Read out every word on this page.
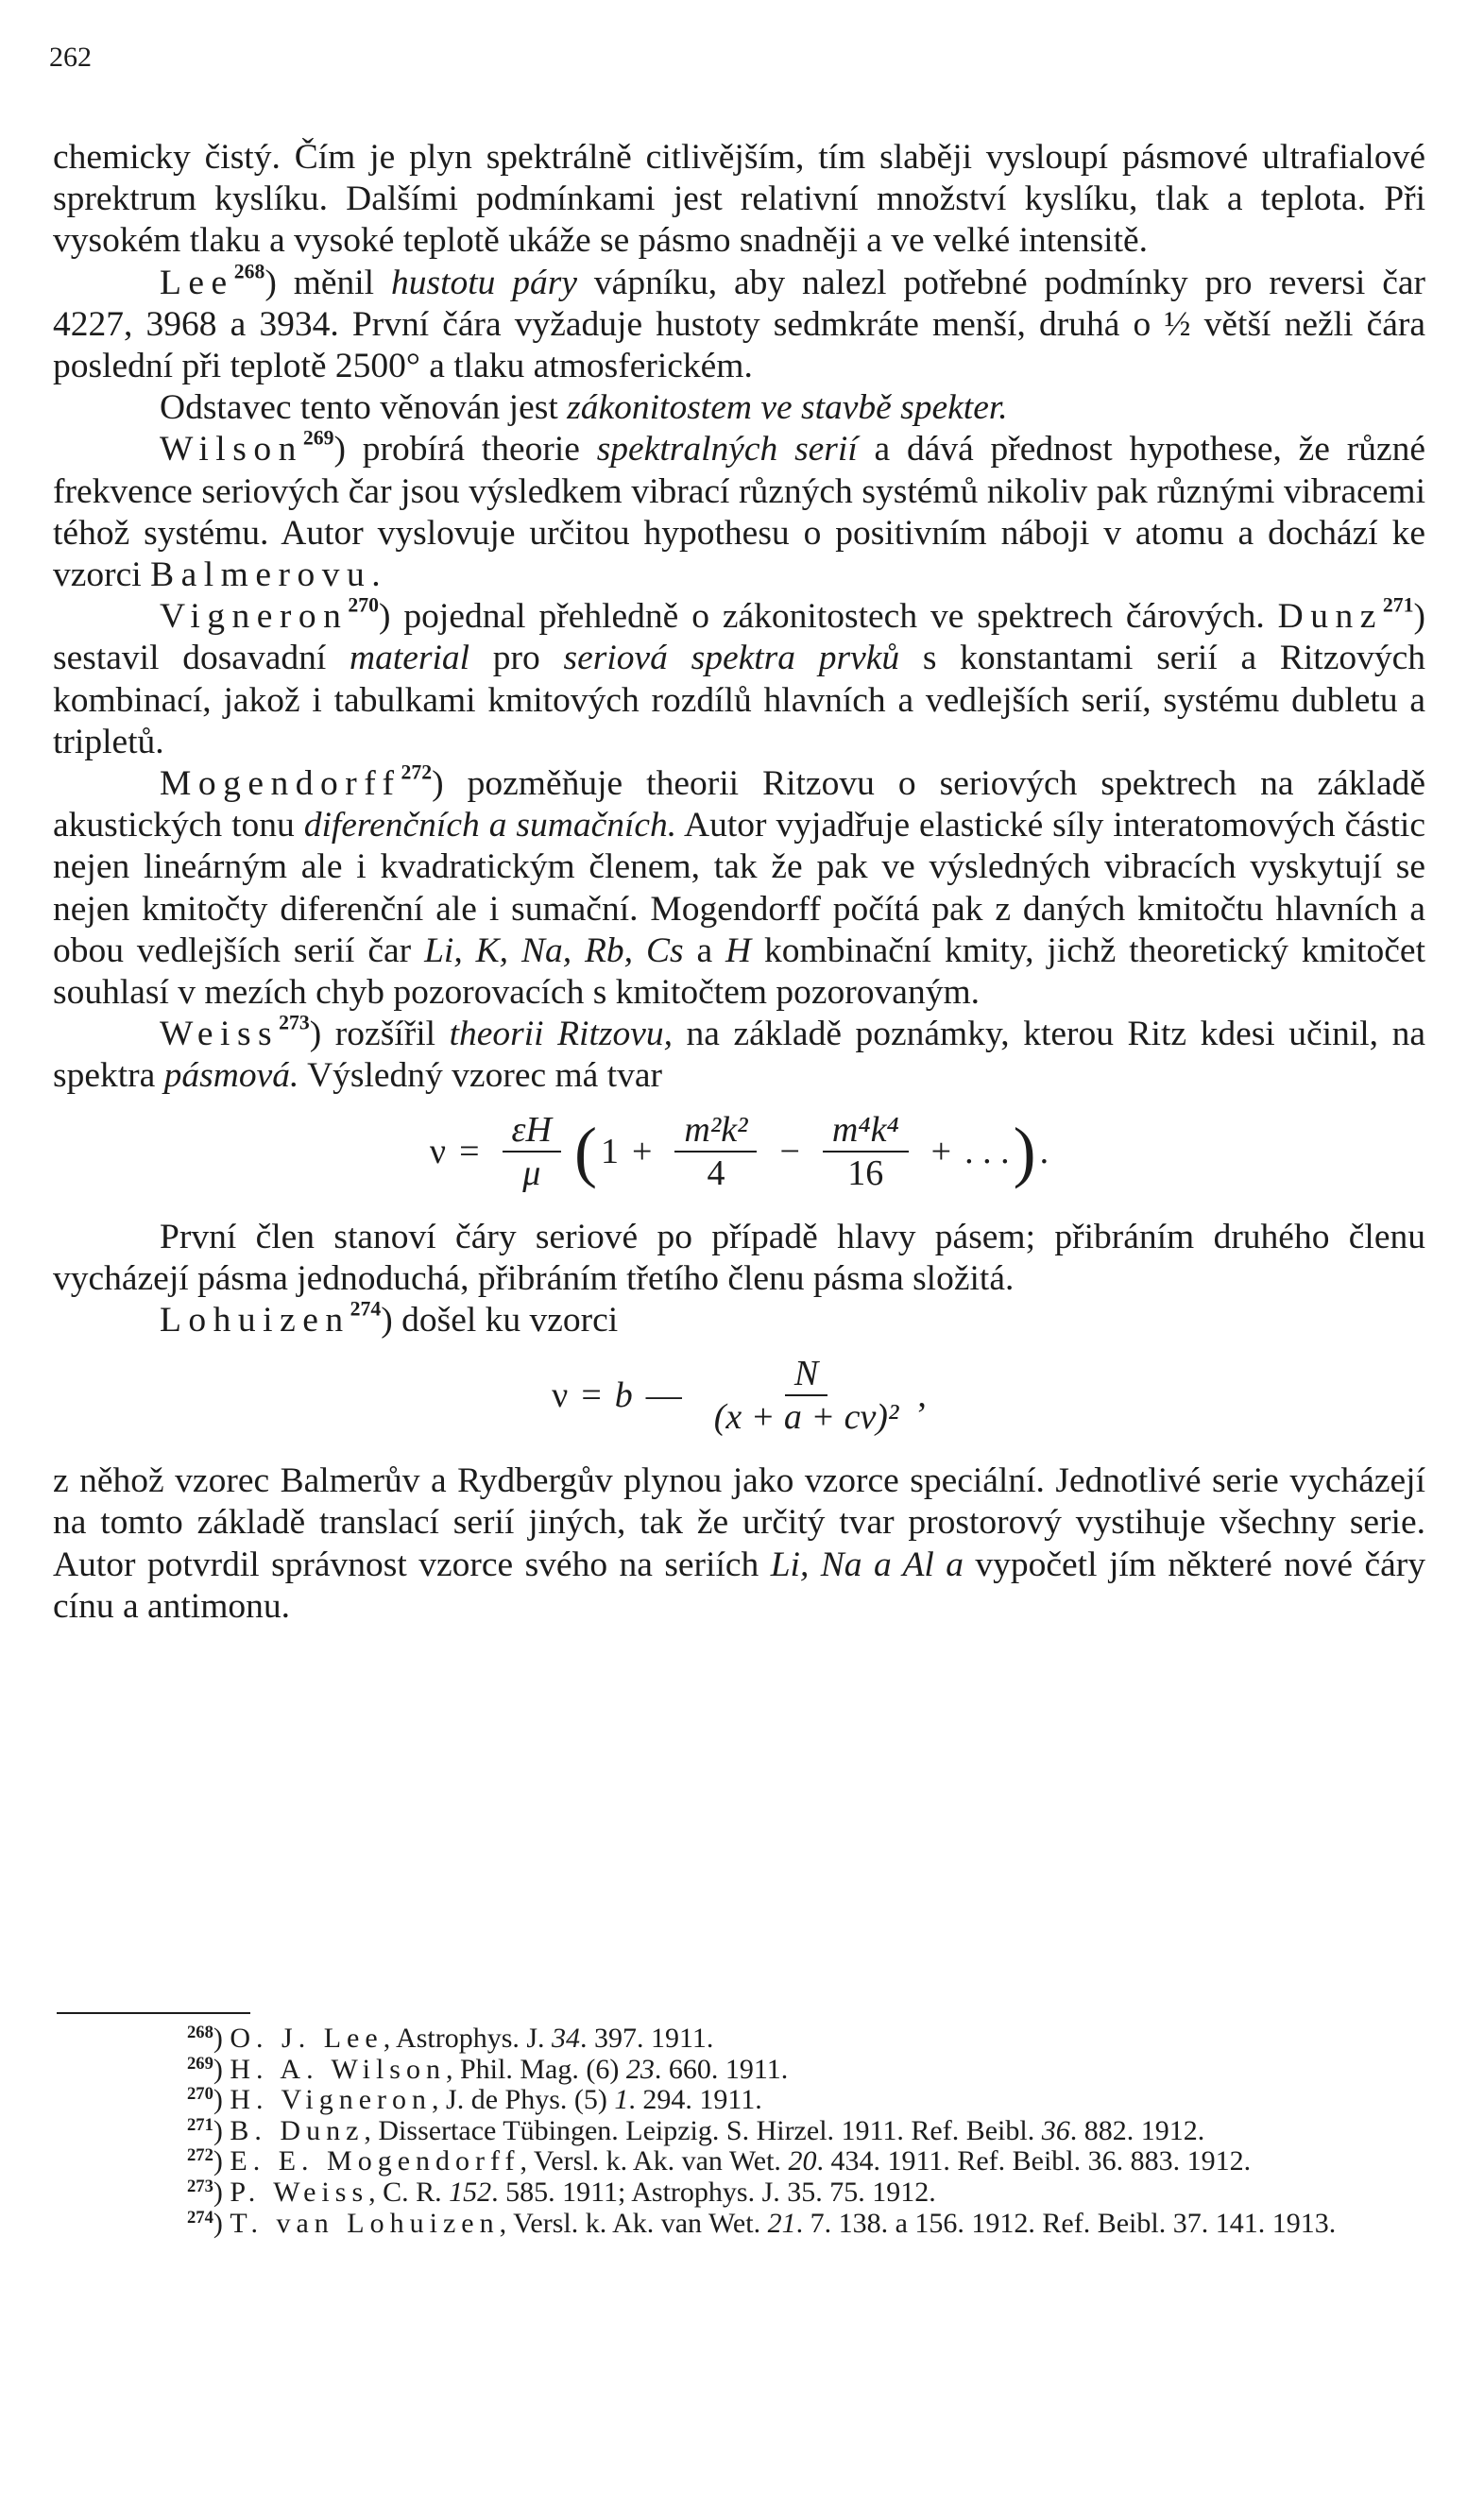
262

chemicky čistý. Čím je plyn spektrálně citlivějším, tím slaběji vysloupí pásmové ultrafialové sprektrum kyslíku. Dalšími podmínkami jest relativní množství kyslíku, tlak a teplota. Při vysokém tlaku a vysoké teplotě ukáže se pásmo snadněji a ve velké intensitě.

Lee$^{268}$) měnil hustotu páry vápníku, aby nalezl potřebné podmínky pro reversi čar 4227, 3968 a 3934. První čára vyžaduje hustoty sedmkráte menší, druhá o ½ větší nežli čára poslední při teplotě 2500° a tlaku atmosferickém.

Odstavec tento věnován jest zákonitostem ve stavbě spekter.

Wilson$^{269}$) probírá theorie spektralných serií a dává přednost hypothese, že různé frekvence seriových čar jsou výsledkem vibrací různých systémů nikoliv pak různými vibracemi téhož systému. Autor vyslovuje určitou hypothesu o positivním náboji v atomu a dochází ke vzorci Balmerovu.

Vigneron$^{270}$) pojednal přehledně o zákonitostech ve spektrech čárových. Dunz$^{271}$) sestavil dosavadní material pro seriová spektra prvků s konstantami serií a Ritzových kombinací, jakož i tabulkami kmitových rozdílů hlavních a vedlejších serií, systému dubletu a tripletů.

Mogendorff$^{272}$) pozměňuje theorii Ritzovu o seriových spektrech na základě akustických tonu diferenčních a sumačních. Autor vyjadřuje elastické síly interatomových částic nejen lineárným ale i kvadratickým členem, tak že pak ve výsledných vibracích vyskytují se nejen kmitočty diferenční ale i sumační. Mogendorff počítá pak z daných kmitočtu hlavních a obou vedlejších serií čar Li, K, Na, Rb, Cs a H kombinační kmity, jichž theoretický kmitočet souhlasí v mezích chyb pozorovacích s kmitočtem pozorovaným.

Weiss$^{273}$) rozšířil theorii Ritzovu, na základě poznámky, kterou Ritz kdesi učinil, na spektra pásmová. Výsledný vzorec má tvar

$\nu = \frac{\varepsilon H}{\mu}$ ( $1 + \frac{\text{m²k²}}{4} - \frac{\text{m⁴k⁴}}{16}$ + . . . ) .

První člen stanoví čáry seriové po případě hlavy pásem; přibráním druhého členu vycházejí pásma jednoduchá, přibráním třetího členu pásma složitá.

Lohuizen$^{274}$) došel ku vzorci

ν = b — $\frac{N}{\text{(x + a + cν)²}}$ ,

z něhož vzorec Balmerův a Rydbergův plynou jako vzorce speciální. Jednotlivé serie vycházejí na tomto základě translací serií jiných, tak že určitý tvar prostorový vystihuje všechny serie. Autor potvrdil správnost vzorce svého na seriích Li, Na a Al a vypočetl jím některé nové čáry cínu a antimonu.

$^{268}$) O. J. Lee, Astrophys. J. 34. 397. 1911.

$^{269}$) H. A. Wilson, Phil. Mag. (6) 23. 660. 1911.

$^{270}$) H. Vigneron, J. de Phys. (5) 1. 294. 1911.

$^{271}$) B. Dunz, Dissertace Tübingen. Leipzig. S. Hirzel. 1911. Ref. Beibl. 36. 882. 1912.

$^{272}$) E. E. Mogendorff, Versl. k. Ak. van Wet. 20. 434. 1911. Ref. Beibl. 36. 883. 1912.

$^{273}$) P. Weiss, C. R. 152. 585. 1911; Astrophys. J. 35. 75. 1912.

$^{274}$) T. van Lohuizen, Versl. k. Ak. van Wet. 21. 7. 138. a 156. 1912. Ref. Beibl. 37. 141. 1913.
